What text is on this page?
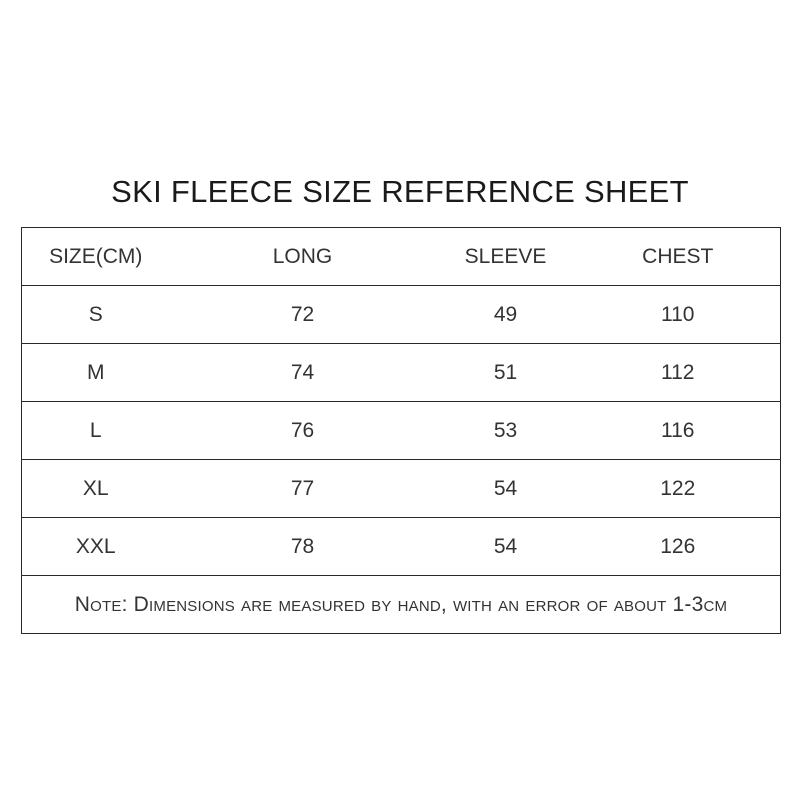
SKI FLEECE SIZE REFERENCE SHEET
SIZE(CM)	LONG	SLEEVE	CHEST
S	72	49	110
M	74	51	112
L	76	53	116
XL	77	54	122
XXL	78	54	126
Note: Dimensions are measured by hand, with an error of about 1-3cm			
